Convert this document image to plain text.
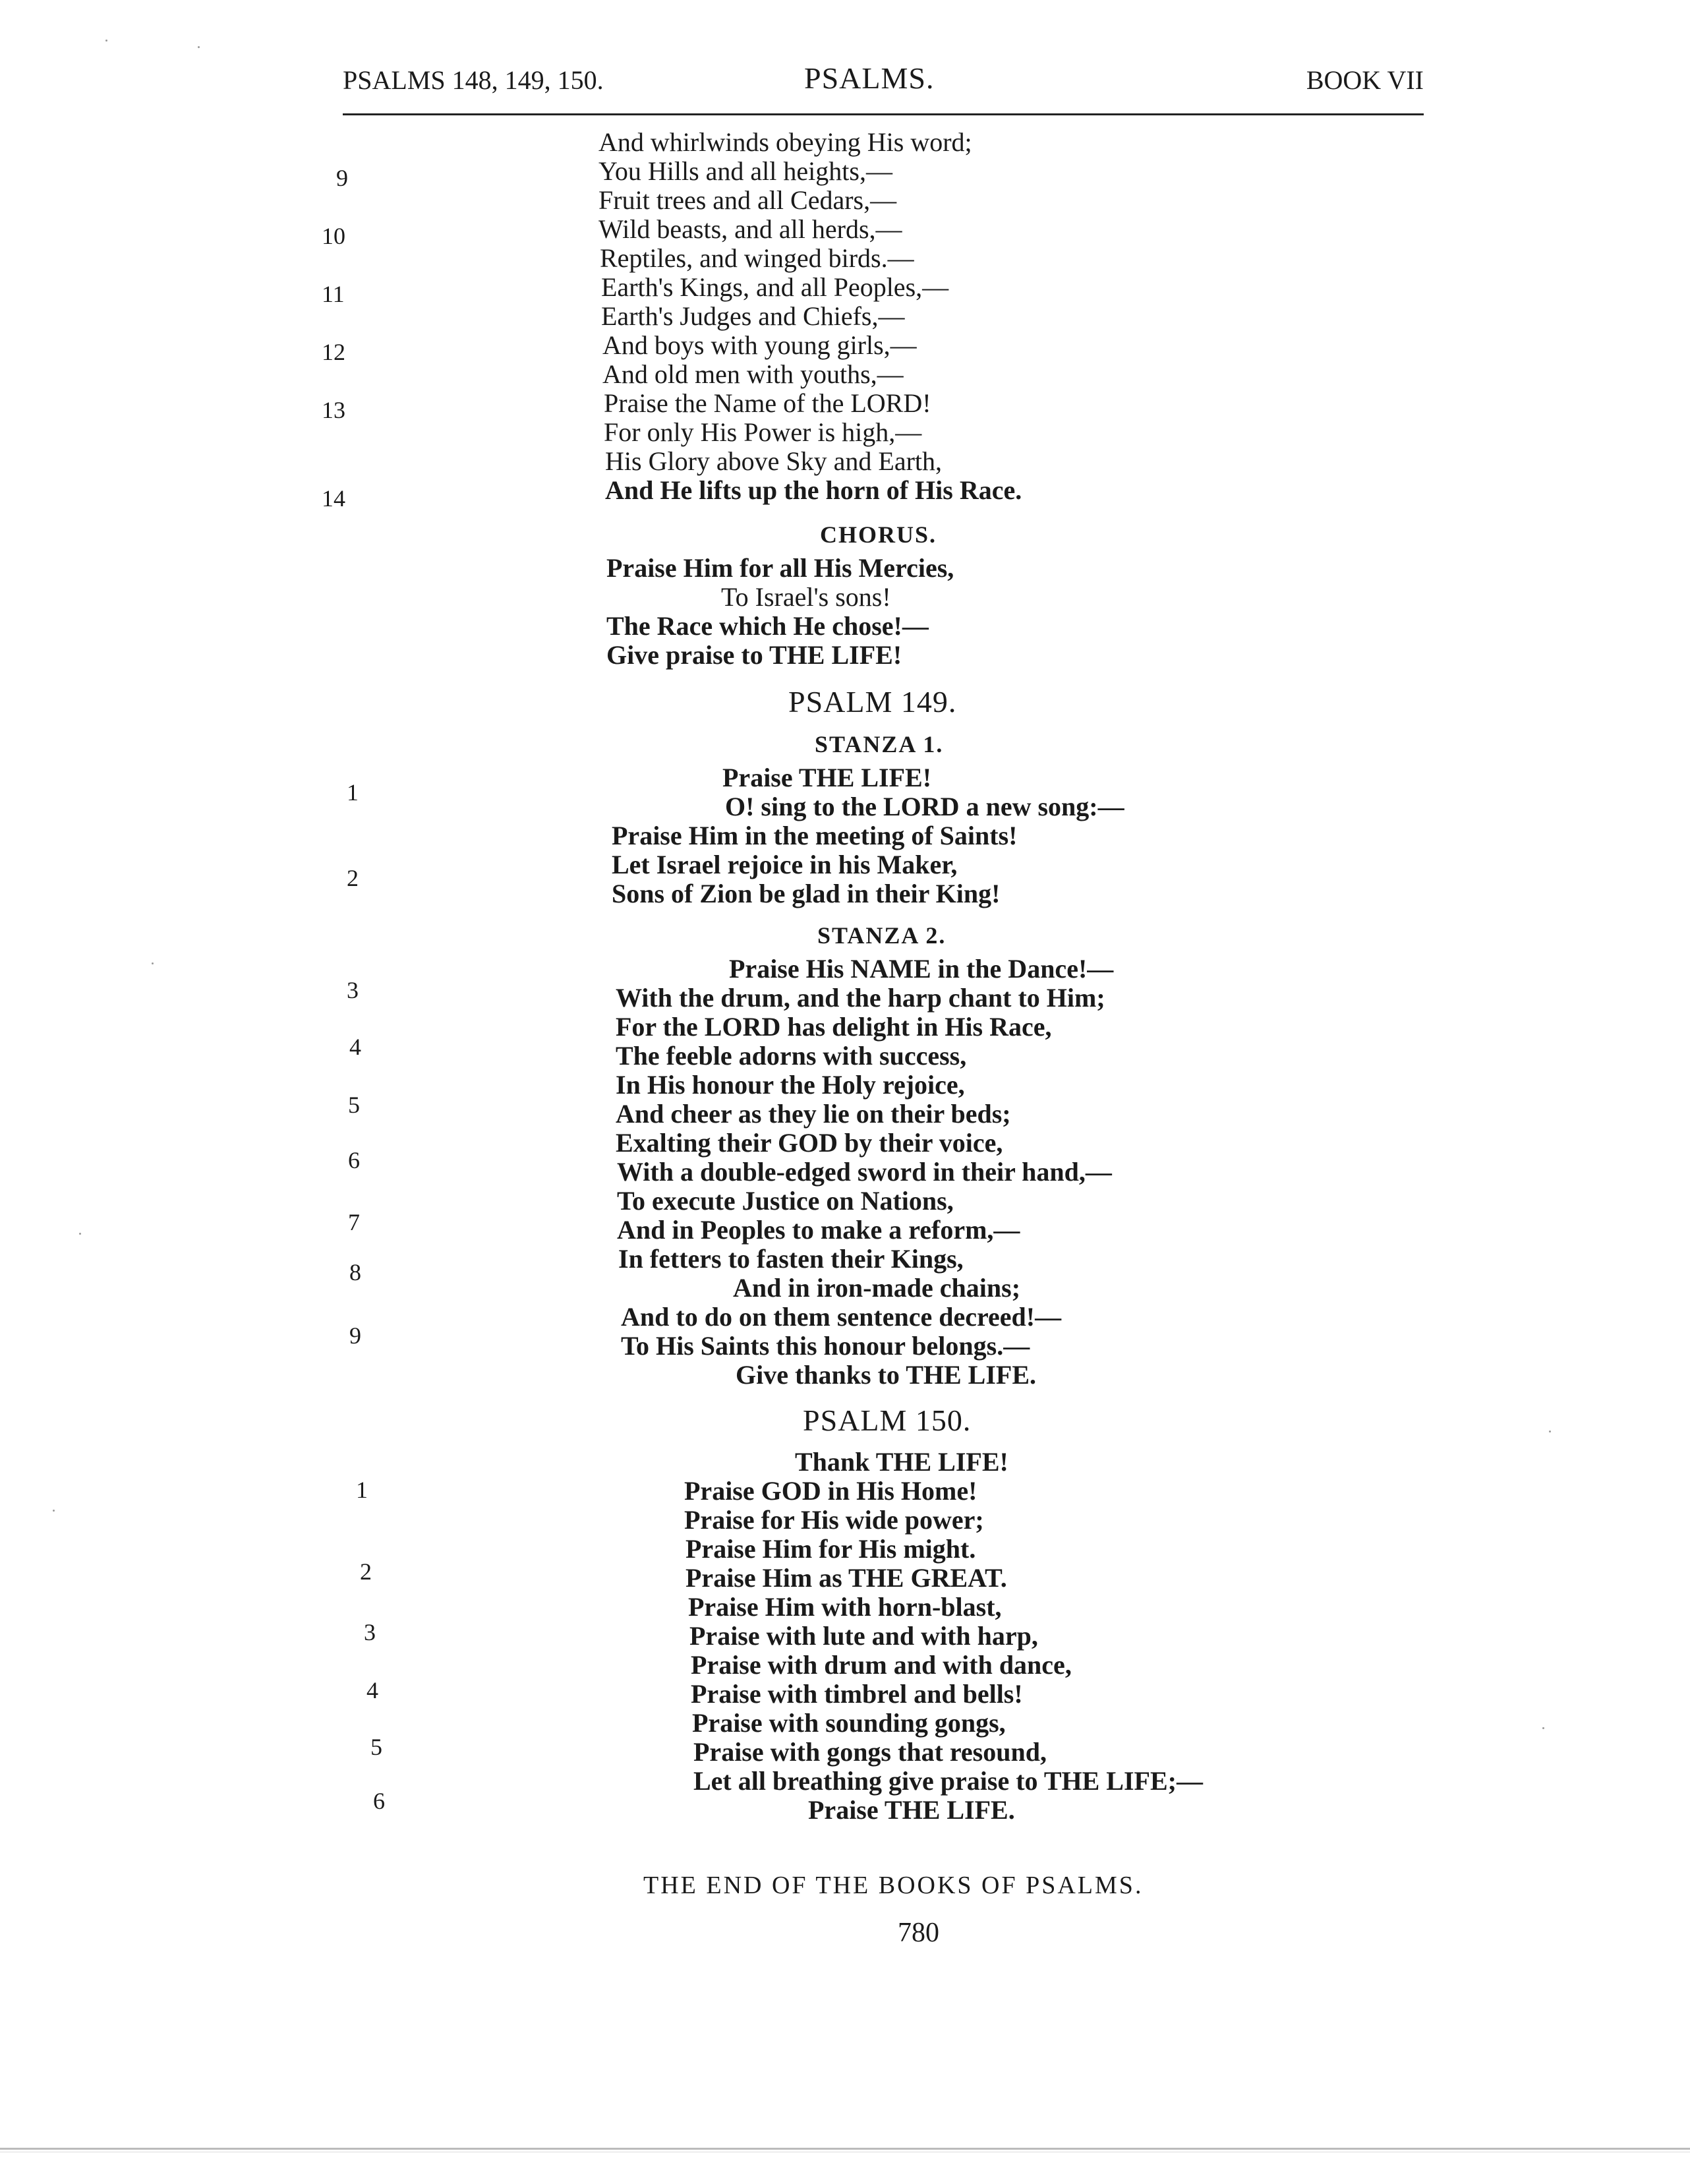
PSALMS 148, 149, 150.	PSALMS.	BOOK VII
And whirlwinds obeying His word;
You Hills and all heights,—
Fruit trees and all Cedars,—
Wild beasts, and all herds,—
Reptiles, and winged birds.—
Earth's Kings, and all Peoples,—
Earth's Judges and Chiefs,—
And boys with young girls,—
And old men with youths,—
Praise the Name of the LORD!
For only His Power is high,—
His Glory above Sky and Earth,
And He lifts up the horn of His Race.
9
10
11
12
13
14
CHORUS.
Praise Him for all His Mercies,
To Israel's sons!
The Race which He chose!—
Give praise to THE LIFE!
PSALM 149.
STANZA 1.
Praise THE LIFE!
O! sing to the LORD a new song:—
Praise Him in the meeting of Saints!
Let Israel rejoice in his Maker,
Sons of Zion be glad in their King!
1
2
STANZA 2.
Praise His NAME in the Dance!—
With the drum, and the harp chant to Him;
For the LORD has delight in His Race,
The feeble adorns with success,
In His honour the Holy rejoice,
And cheer as they lie on their beds;
Exalting their GOD by their voice,
With a double-edged sword in their hand,—
To execute Justice on Nations,
And in Peoples to make a reform,—
In fetters to fasten their Kings,
And in iron-made chains;
And to do on them sentence decreed!—
To His Saints this honour belongs.—
Give thanks to THE LIFE.
3
4
5
6
7
8
9
PSALM 150.
Thank THE LIFE!
Praise GOD in His Home!
Praise for His wide power;
Praise Him for His might.
Praise Him as THE GREAT.
Praise Him with horn-blast,
Praise with lute and with harp,
Praise with drum and with dance,
Praise with timbrel and bells!
Praise with sounding gongs,
Praise with gongs that resound,
Let all breathing give praise to THE LIFE;—
Praise THE LIFE.
1
2
3
4
5
6
THE END OF THE BOOKS OF PSALMS.
780
